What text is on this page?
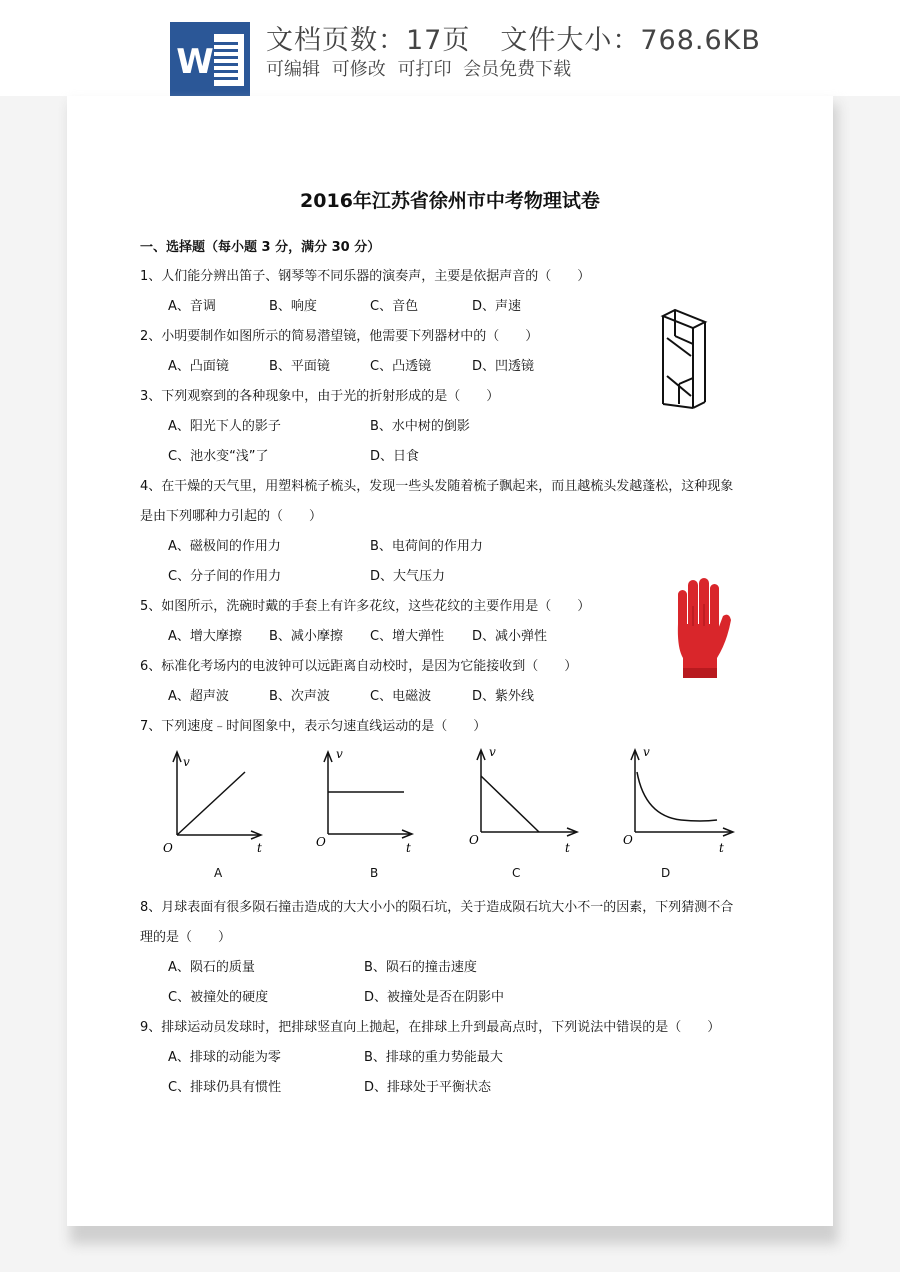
W
文档页数：17页 文件大小：768.6KB
可编辑 可修改 可打印 会员免费下载
2016年江苏省徐州市中考物理试卷
一、选择题（每小题 3 分，满分 30 分）
1、人们能分辨出笛子、钢琴等不同乐器的演奏声，主要是依据声音的（　　）
A、音调	B、响度	C、音色	D、声速
2、小明要制作如图所示的简易潜望镜，他需要下列器材中的（　　）
A、凸面镜	B、平面镜	C、凸透镜	D、凹透镜
3、下列观察到的各种现象中，由于光的折射形成的是（　　）
A、阳光下人的影子	B、水中树的倒影
C、池水变“浅”了	D、日食
4、在干燥的天气里，用塑料梳子梳头，发现一些头发随着梳子飘起来，而且越梳头发越蓬松，这种现象
是由下列哪种力引起的（　　）
A、磁极间的作用力	B、电荷间的作用力
C、分子间的作用力	D、大气压力
5、如图所示，洗碗时戴的手套上有许多花纹，这些花纹的主要作用是（　　）
A、增大摩擦 B、减小摩擦 C、增大弹性 D、减小弹性
6、标准化考场内的电波钟可以远距离自动校时，是因为它能接收到（　　）
A、超声波	B、次声波	C、电磁波	D、紫外线
7、下列速度﹣时间图象中，表示匀速直线运动的是（　　）
v
t
O
A
v
t
O
B
v
t
O
C
v
t
O
D
8、月球表面有很多陨石撞击造成的大大小小的陨石坑，关于造成陨石坑大小不一的因素，下列猜测不合
理的是（　　）
A、陨石的质量	B、陨石的撞击速度
C、被撞处的硬度	D、被撞处是否在阴影中
9、排球运动员发球时，把排球竖直向上抛起，在排球上升到最高点时，下列说法中错误的是（　　）
A、排球的动能为零	B、排球的重力势能最大
C、排球仍具有惯性	D、排球处于平衡状态
